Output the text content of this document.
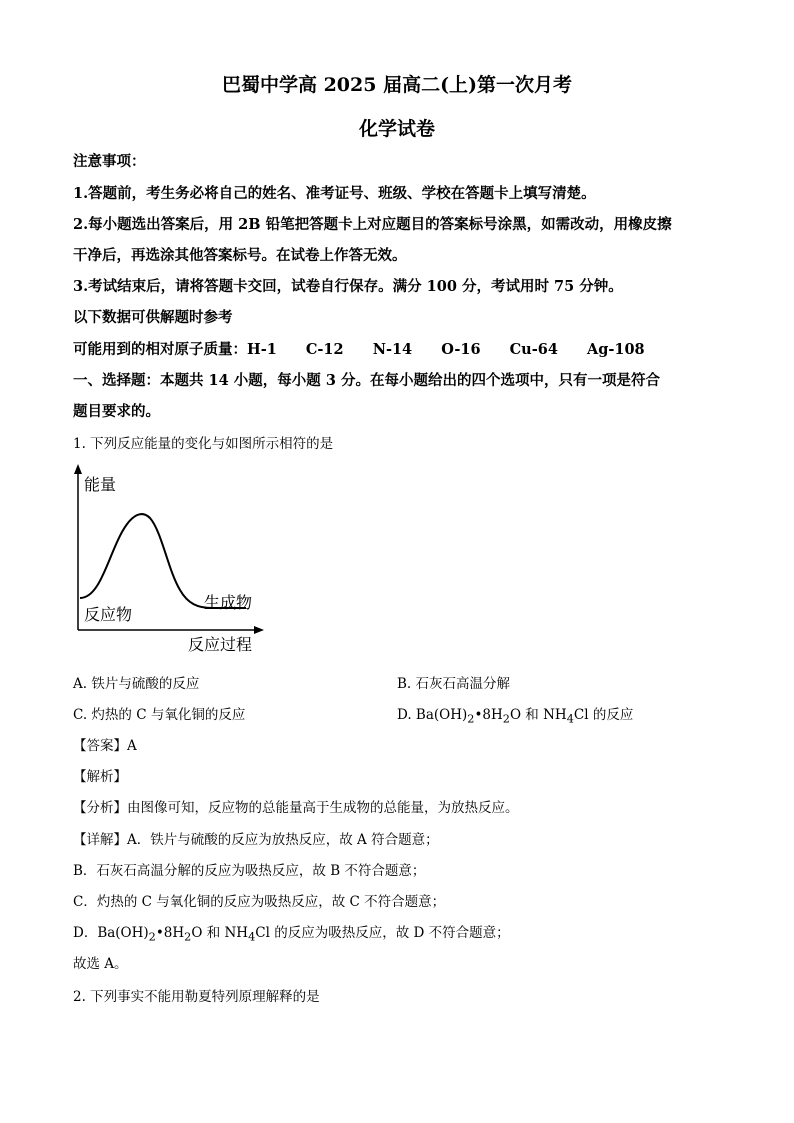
巴蜀中学高 2025 届高二(上)第一次月考
化学试卷
注意事项：
1.答题前，考生务必将自己的姓名、准考证号、班级、学校在答题卡上填写清楚。
2.每小题选出答案后，用 2B 铅笔把答题卡上对应题目的答案标号涂黑，如需改动，用橡皮擦
干净后，再选涂其他答案标号。在试卷上作答无效。
3.考试结束后，请将答题卡交回，试卷自行保存。满分 100 分，考试用时 75 分钟。
以下数据可供解题时参考
可能用到的相对原子质量：H-1 C-12 N-14 O-16 Cu-64 Ag-108
一、选择题：本题共 14 小题，每小题 3 分。在每小题给出的四个选项中，只有一项是符合
题目要求的。
1. 下列反应能量的变化与如图所示相符的是
能量
反应物
生成物
反应过程
A. 铁片与硫酸的反应	B. 石灰石高温分解
C. 灼热的 C 与氧化铜的反应	D. $Ba(OH)_2•8H_2O$ 和 $NH_4Cl$ 的反应
【答案】A
【解析】
【分析】由图像可知，反应物的总能量高于生成物的总能量，为放热反应。
【详解】A．铁片与硫酸的反应为放热反应，故 A 符合题意；
B．石灰石高温分解的反应为吸热反应，故 B 不符合题意；
C．灼热的 C 与氧化铜的反应为吸热反应，故 C 不符合题意；
D．$Ba(OH)_2•8H_2O$ 和 $NH_4Cl$ 的反应为吸热反应，故 D 不符合题意；
故选 A。
2. 下列事实不能用勒夏特列原理解释的是
